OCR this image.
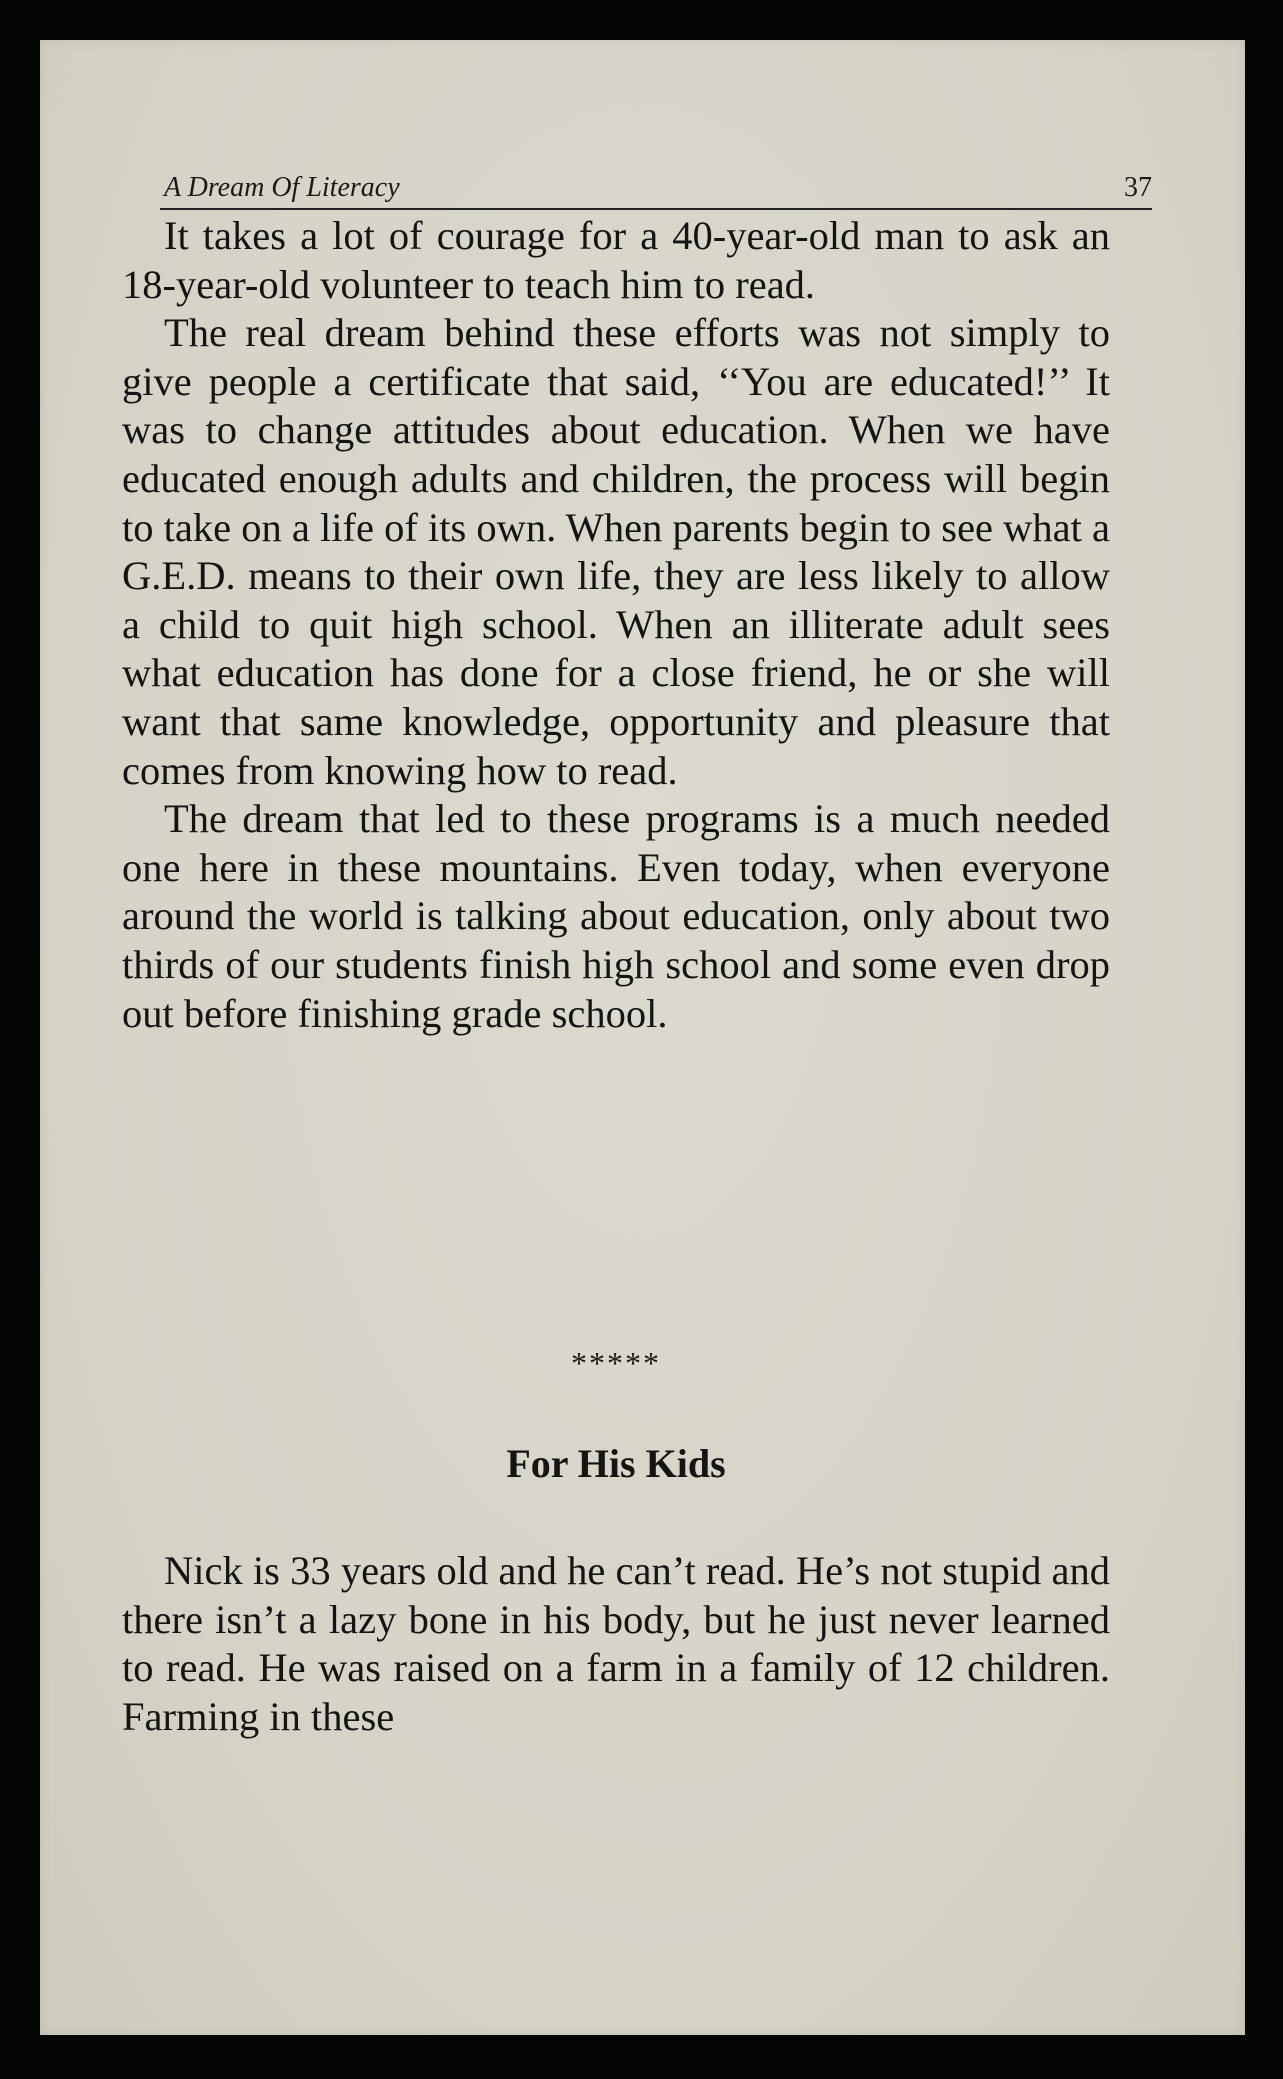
A Dream Of Literacy	37

It takes a lot of courage for a 40-year-old man to ask an 18-year-old volunteer to teach him to read.

The real dream behind these efforts was not simply to give people a certificate that said, ‘‘You are educated!’’ It was to change attitudes about education. When we have educated enough adults and children, the process will begin to take on a life of its own. When parents begin to see what a G.E.D. means to their own life, they are less likely to allow a child to quit high school. When an illiterate adult sees what education has done for a close friend, he or she will want that same knowledge, opportunity and pleasure that comes from knowing how to read.

The dream that led to these programs is a much needed one here in these mountains. Even today, when everyone around the world is talking about education, only about two thirds of our students finish high school and some even drop out before finishing grade school.

*****
For His Kids

Nick is 33 years old and he can’t read. He’s not stupid and there isn’t a lazy bone in his body, but he just never learned to read. He was raised on a farm in a family of 12 children. Farming in these
